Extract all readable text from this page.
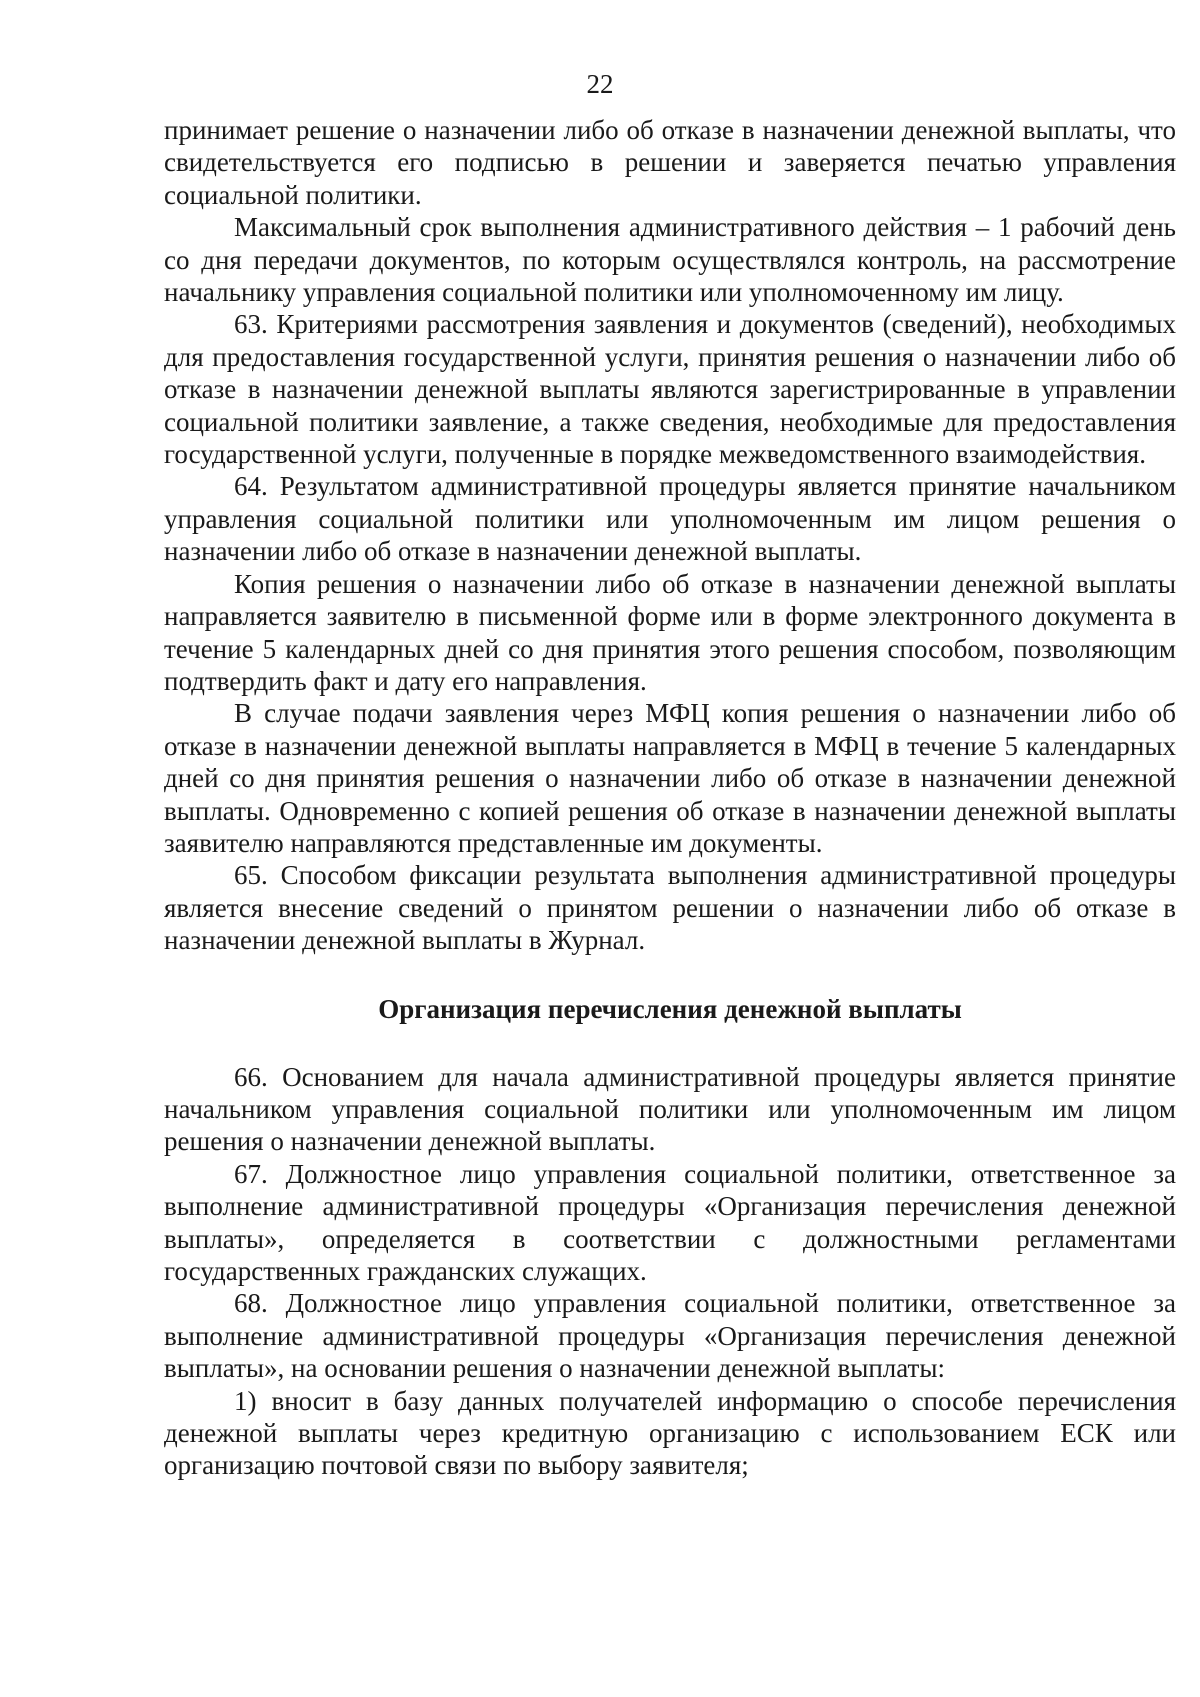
22

принимает решение о назначении либо об отказе в назначении денежной выплаты, что свидетельствуется его подписью в решении и заверяется печатью управления социальной политики.

Максимальный срок выполнения административного действия – 1 рабочий день со дня передачи документов, по которым осуществлялся контроль, на рассмотрение начальнику управления социальной политики или уполномоченному им лицу.

63. Критериями рассмотрения заявления и документов (сведений), необходимых для предоставления государственной услуги, принятия решения о назначении либо об отказе в назначении денежной выплаты являются зарегистрированные в управлении социальной политики заявление, а также сведения, необходимые для предоставления государственной услуги, полученные в порядке межведомственного взаимодействия.

64. Результатом административной процедуры является принятие начальником управления социальной политики или уполномоченным им лицом решения о назначении либо об отказе в назначении денежной выплаты.

Копия решения о назначении либо об отказе в назначении денежной выплаты направляется заявителю в письменной форме или в форме электронного документа в течение 5 календарных дней со дня принятия этого решения способом, позволяющим подтвердить факт и дату его направления.

В случае подачи заявления через МФЦ копия решения о назначении либо об отказе в назначении денежной выплаты направляется в МФЦ в течение 5 календарных дней со дня принятия решения о назначении либо об отказе в назначении денежной выплаты. Одновременно с копией решения об отказе в назначении денежной выплаты заявителю направляются представленные им документы.

65. Способом фиксации результата выполнения административной процедуры является внесение сведений о принятом решении о назначении либо об отказе в назначении денежной выплаты в Журнал.

Организация перечисления денежной выплаты

66. Основанием для начала административной процедуры является принятие начальником управления социальной политики или уполномоченным им лицом решения о назначении денежной выплаты.

67. Должностное лицо управления социальной политики, ответственное за выполнение административной процедуры «Организация перечисления денежной выплаты», определяется в соответствии с должностными регламентами государственных гражданских служащих.

68. Должностное лицо управления социальной политики, ответственное за выполнение административной процедуры «Организация перечисления денежной выплаты», на основании решения о назначении денежной выплаты:

1) вносит в базу данных получателей информацию о способе перечисления денежной выплаты через кредитную организацию с использованием ЕСК или организацию почтовой связи по выбору заявителя;
